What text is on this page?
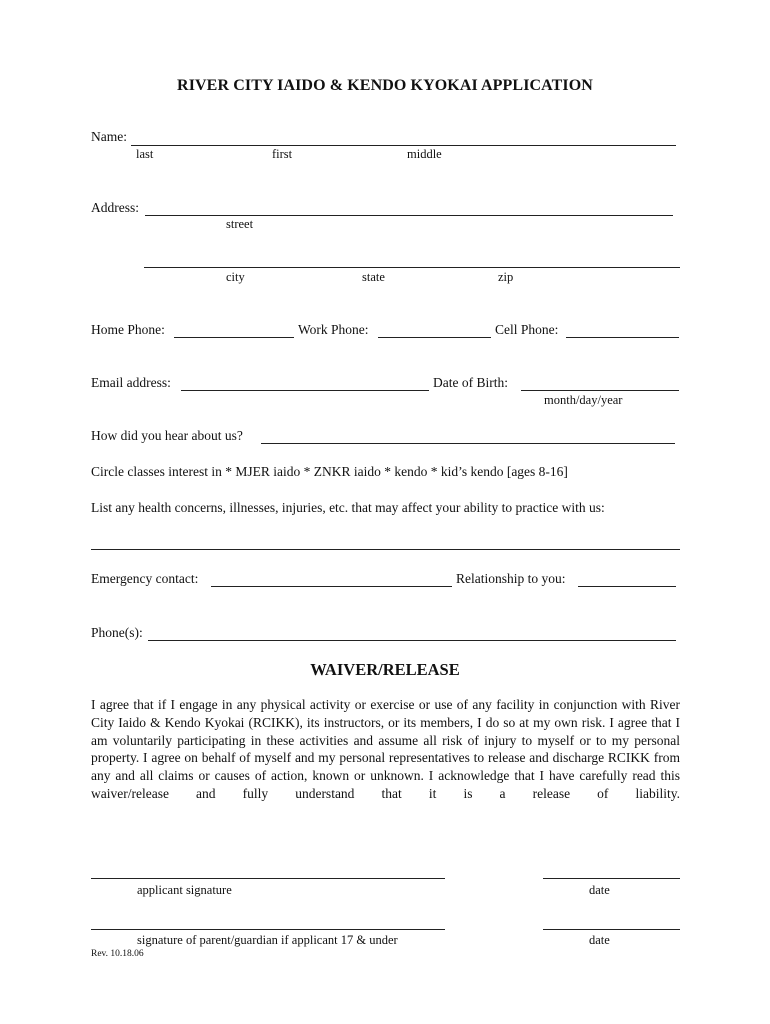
RIVER CITY IAIDO & KENDO KYOKAI APPLICATION
Name:
last	first	middle
Address:
street
city	state	zip
Home Phone:	Work Phone:	Cell Phone:
Email address:	Date of Birth:
month/day/year
How did you hear about us?
Circle classes interest in * MJER iaido * ZNKR iaido * kendo * kid’s kendo [ages 8-16]
List any health concerns, illnesses, injuries, etc. that may affect your ability to practice with us:
Emergency contact:	Relationship to you:
Phone(s):
WAIVER/RELEASE
I agree that if I engage in any physical activity or exercise or use of any facility in conjunction with River City Iaido & Kendo Kyokai (RCIKK), its instructors, or its members, I do so at my own risk. I agree that I am voluntarily participating in these activities and assume all risk of injury to myself or to my personal property. I agree on behalf of myself and my personal representatives to release and discharge RCIKK from any and all claims or causes of action, known or unknown. I acknowledge that I have carefully read this waiver/release and fully understand that it is a release of liability.
applicant signature	date
signature of parent/guardian if applicant 17 & under	date
Rev. 10.18.06
